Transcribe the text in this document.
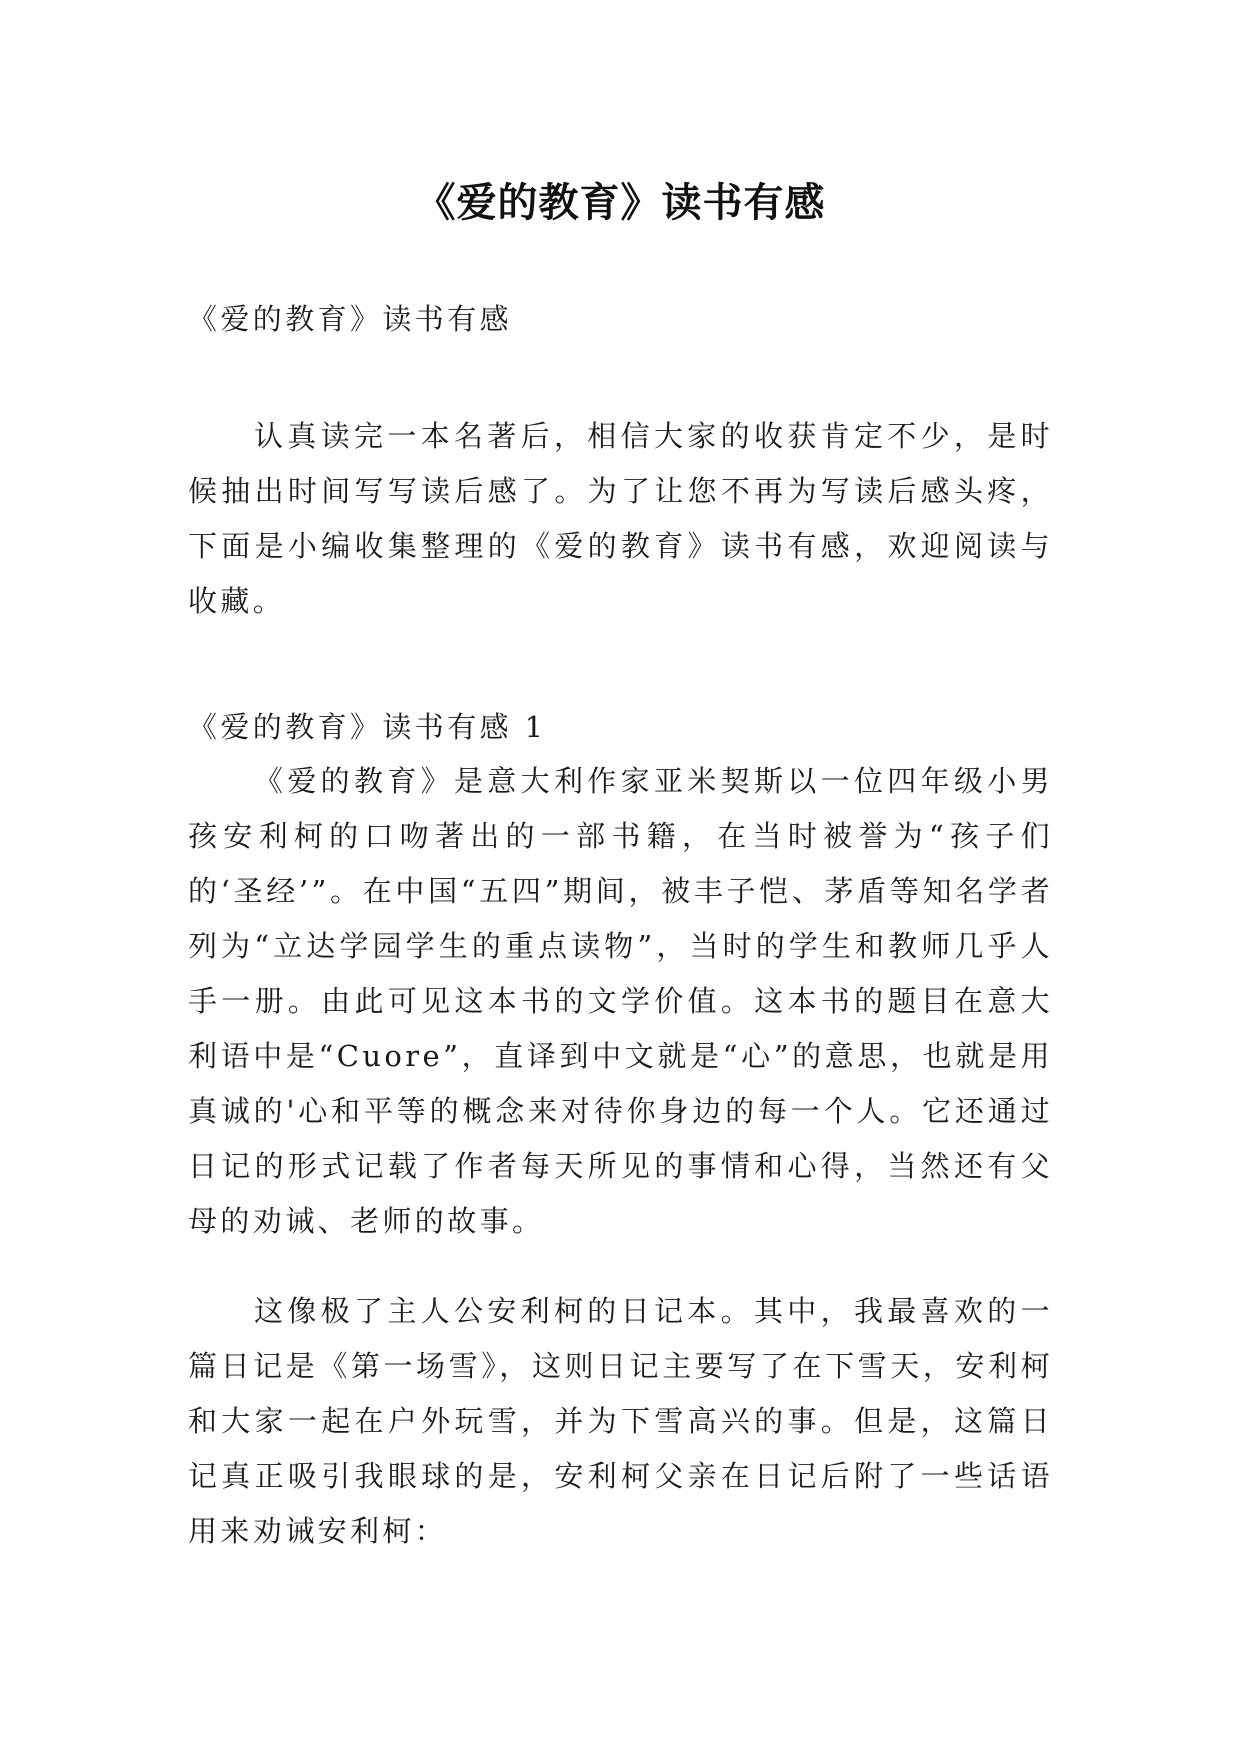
《爱的教育》读书有感

《爱的教育》读书有感

认真读完一本名著后，相信大家的收获肯定不少，是时候抽出时间写写读后感了。为了让您不再为写读后感头疼，下面是小编收集整理的《爱的教育》读书有感，欢迎阅读与收藏。

《爱的教育》读书有感 1

《爱的教育》是意大利作家亚米契斯以一位四年级小男孩安利柯的口吻著出的一部书籍，在当时被誉为“孩子们的‘圣经’”。在中国“五四”期间，被丰子恺、茅盾等知名学者列为“立达学园学生的重点读物”，当时的学生和教师几乎人手一册。由此可见这本书的文学价值。这本书的题目在意大利语中是“Cuore”，直译到中文就是“心”的意思，也就是用真诚的'心和平等的概念来对待你身边的每一个人。它还通过日记的形式记载了作者每天所见的事情和心得，当然还有父母的劝诫、老师的故事。

这像极了主人公安利柯的日记本。其中，我最喜欢的一篇日记是《第一场雪》，这则日记主要写了在下雪天，安利柯和大家一起在户外玩雪，并为下雪高兴的事。但是，这篇日记真正吸引我眼球的是，安利柯父亲在日记后附了一些话语用来劝诫安利柯：
